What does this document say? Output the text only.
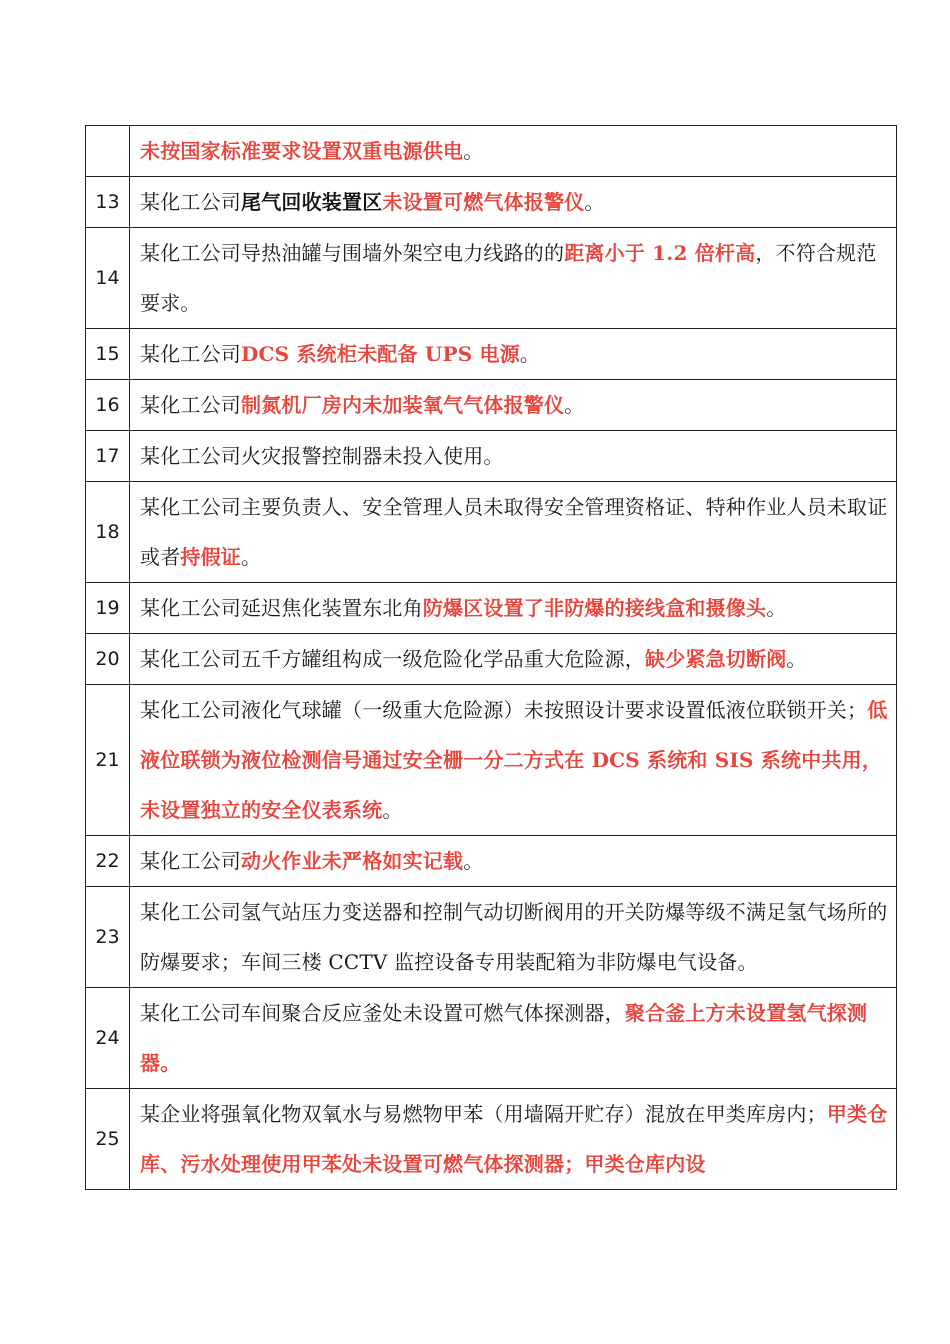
	未按国家标准要求设置双重电源供电。
13	某化工公司尾气回收装置区未设置可燃气体报警仪。
14	某化工公司导热油罐与围墙外架空电力线路的的距离小于 1.2 倍杆高，不符合规范要求。
15	某化工公司DCS 系统柜未配备 UPS 电源。
16	某化工公司制氮机厂房内未加装氧气气体报警仪。
17	某化工公司火灾报警控制器未投入使用。
18	某化工公司主要负责人、安全管理人员未取得安全管理资格证、特种作业人员未取证或者持假证。
19	某化工公司延迟焦化装置东北角防爆区设置了非防爆的接线盒和摄像头。
20	某化工公司五千方罐组构成一级危险化学品重大危险源，缺少紧急切断阀。
21	某化工公司液化气球罐（一级重大危险源）未按照设计要求设置低液位联锁开关；低液位联锁为液位检测信号通过安全栅一分二方式在 DCS 系统和 SIS 系统中共用，未设置独立的安全仪表系统。
22	某化工公司动火作业未严格如实记载。
23	某化工公司氢气站压力变送器和控制气动切断阀用的开关防爆等级不满足氢气场所的防爆要求；车间三楼 CCTV 监控设备专用装配箱为非防爆电气设备。
24	某化工公司车间聚合反应釜处未设置可燃气体探测器，聚合釜上方未设置氢气探测器。
25	某企业将强氧化物双氧水与易燃物甲苯（用墙隔开贮存）混放在甲类库房内；甲类仓库、污水处理使用甲苯处未设置可燃气体探测器；甲类仓库内设
